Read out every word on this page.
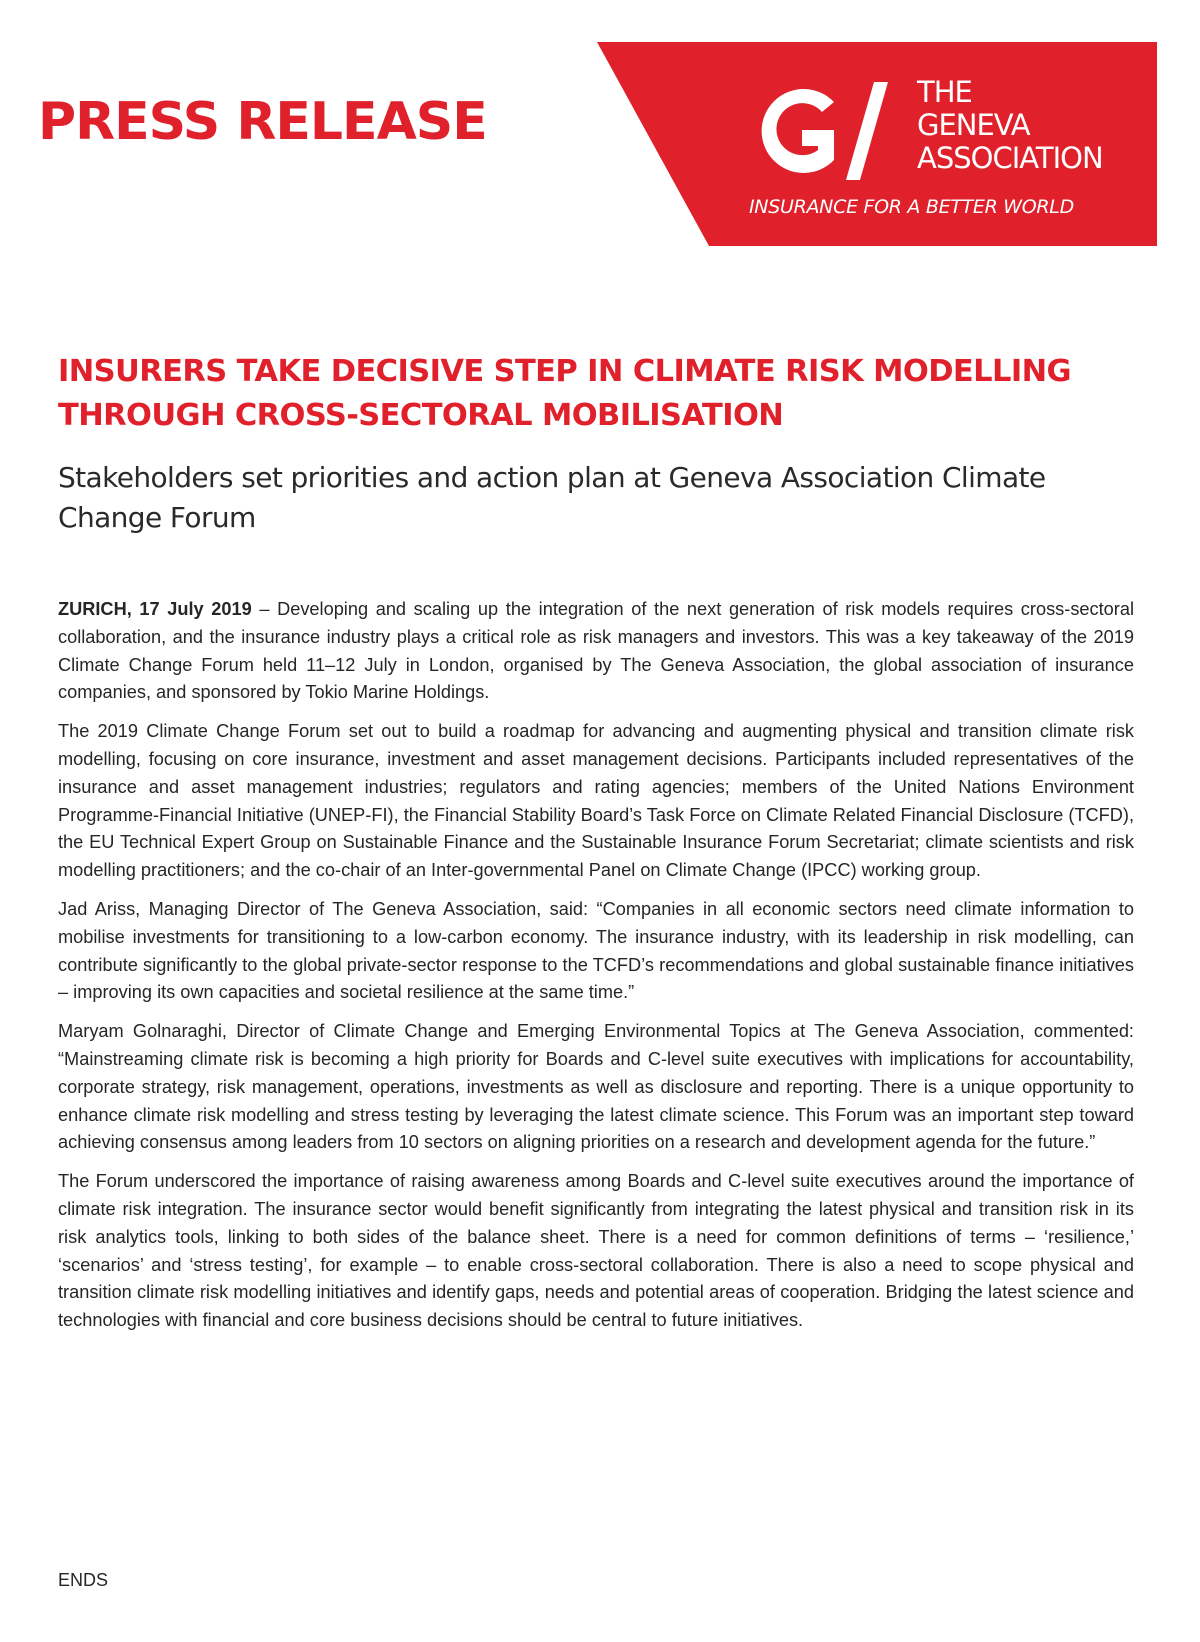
PRESS RELEASE	THE
GENEVA
ASSOCIATION
INSURANCE FOR A BETTER WORLD
INSURERS TAKE DECISIVE STEP IN CLIMATE RISK MODELLING THROUGH CROSS-SECTORAL MOBILISATION
Stakeholders set priorities and action plan at Geneva Association Climate Change Forum

ZURICH, 17 July 2019 – Developing and scaling up the integration of the next generation of risk models requires cross-sectoral collaboration, and the insurance industry plays a critical role as risk managers and investors. This was a key takeaway of the 2019 Climate Change Forum held 11–12 July in London, organised by The Geneva Association, the global association of insurance companies, and sponsored by Tokio Marine Holdings.

The 2019 Climate Change Forum set out to build a roadmap for advancing and augmenting physical and transition climate risk modelling, focusing on core insurance, investment and asset management decisions. Participants included representatives of the insurance and asset management industries; regulators and rating agencies; members of the United Nations Environment Programme-Financial Initiative (UNEP-FI), the Financial Stability Board’s Task Force on Climate Related Financial Disclosure (TCFD), the EU Technical Expert Group on Sustainable Finance and the Sustainable Insurance Forum Secretariat; climate scientists and risk modelling practitioners; and the co-chair of an Inter-governmental Panel on Climate Change (IPCC) working group.

Jad Ariss, Managing Director of The Geneva Association, said: “Companies in all economic sectors need climate information to mobilise investments for transitioning to a low-carbon economy. The insurance industry, with its leadership in risk modelling, can contribute significantly to the global private-sector response to the TCFD’s recommendations and global sustainable finance initiatives – improving its own capacities and societal resilience at the same time.”

Maryam Golnaraghi, Director of Climate Change and Emerging Environmental Topics at The Geneva Association, commented: “Mainstreaming climate risk is becoming a high priority for Boards and C-level suite executives with implications for accountability, corporate strategy, risk management, operations, investments as well as disclosure and reporting. There is a unique opportunity to enhance climate risk modelling and stress testing by leveraging the latest climate science. This Forum was an important step toward achieving consensus among leaders from 10 sectors on aligning priorities on a research and development agenda for the future.”

The Forum underscored the importance of raising awareness among Boards and C-level suite executives around the importance of climate risk integration. The insurance sector would benefit significantly from integrating the latest physical and transition risk in its risk analytics tools, linking to both sides of the balance sheet. There is a need for common definitions of terms – ‘resilience,’ ‘scenarios’ and ‘stress testing’, for example – to enable cross-sectoral collaboration. There is also a need to scope physical and transition climate risk modelling initiatives and identify gaps, needs and potential areas of cooperation. Bridging the latest science and technologies with financial and core business decisions should be central to future initiatives.

ENDS
